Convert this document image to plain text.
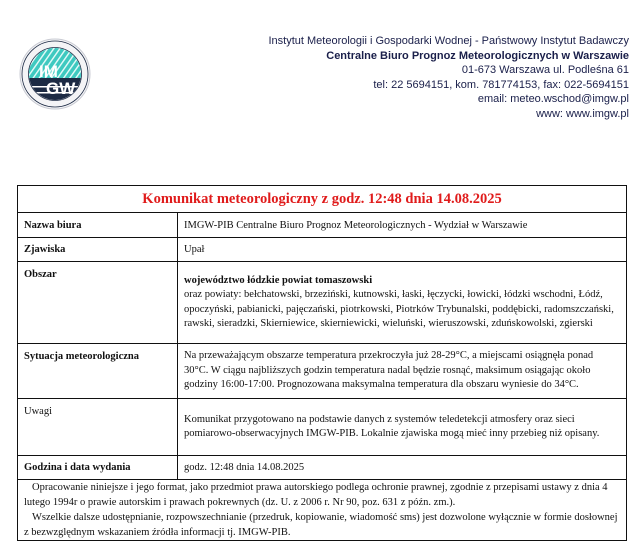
IM
GW
Instytut Meteorologii i Gospodarki Wodnej - Państwowy Instytut Badawczy
Centralne Biuro Prognoz Meteorologicznych w Warszawie
01-673 Warszawa ul. Podleśna 61
tel: 22 5694151, kom. 781774153, fax: 022-5694151
email: meteo.wschod@imgw.pl
www: www.imgw.pl
Komunikat meteorologiczny z godz. 12:48 dnia 14.08.2025	
Nazwa biura	IMGW-PIB Centralne Biuro Prognoz Meteorologicznych - Wydział w Warszawie
Zjawiska	Upał
Obszar	województwo łódzkie powiat tomaszowski
oraz powiaty: bełchatowski, brzeziński, kutnowski, łaski, łęczycki, łowicki, łódzki wschodni, Łódź, opoczyński, pabianicki, pajęczański, piotrkowski, Piotrków Trybunalski, poddębicki, radomszczański, rawski, sieradzki, Skierniewice, skierniewicki, wieluński, wieruszowski, zduńskowolski, zgierski

Sytuacja meteorologiczna	Na przeważającym obszarze temperatura przekroczyła już 28-29°C, a miejscami osiągnęła ponad 30°C. W ciągu najbliższych godzin temperatura nadal będzie rosnąć, maksimum osiągając około godziny 16:00-17:00. Prognozowana maksymalna temperatura dla obszaru wyniesie do 34°C.
Uwagi	Komunikat przygotowano na podstawie danych z systemów teledetekcji atmosfery oraz sieci pomiarowo-obserwacyjnych IMGW-PIB. Lokalnie zjawiska mogą mieć inny przebieg niż opisany.
Godzina i data wydania	godz. 12:48 dnia 14.08.2025

Opracowanie niniejsze i jego format, jako przedmiot prawa autorskiego podlega ochronie prawnej, zgodnie z przepisami ustawy z dnia 4 lutego 1994r o prawie autorskim i prawach pokrewnych (dz. U. z 2006 r. Nr 90, poz. 631 z późn. zm.).
Wszelkie dalsze udostępnianie, rozpowszechnianie (przedruk, kopiowanie, wiadomość sms) jest dozwolone wyłącznie w formie dosłownej z bezwzględnym wskazaniem źródła informacji tj. IMGW-PIB.	
